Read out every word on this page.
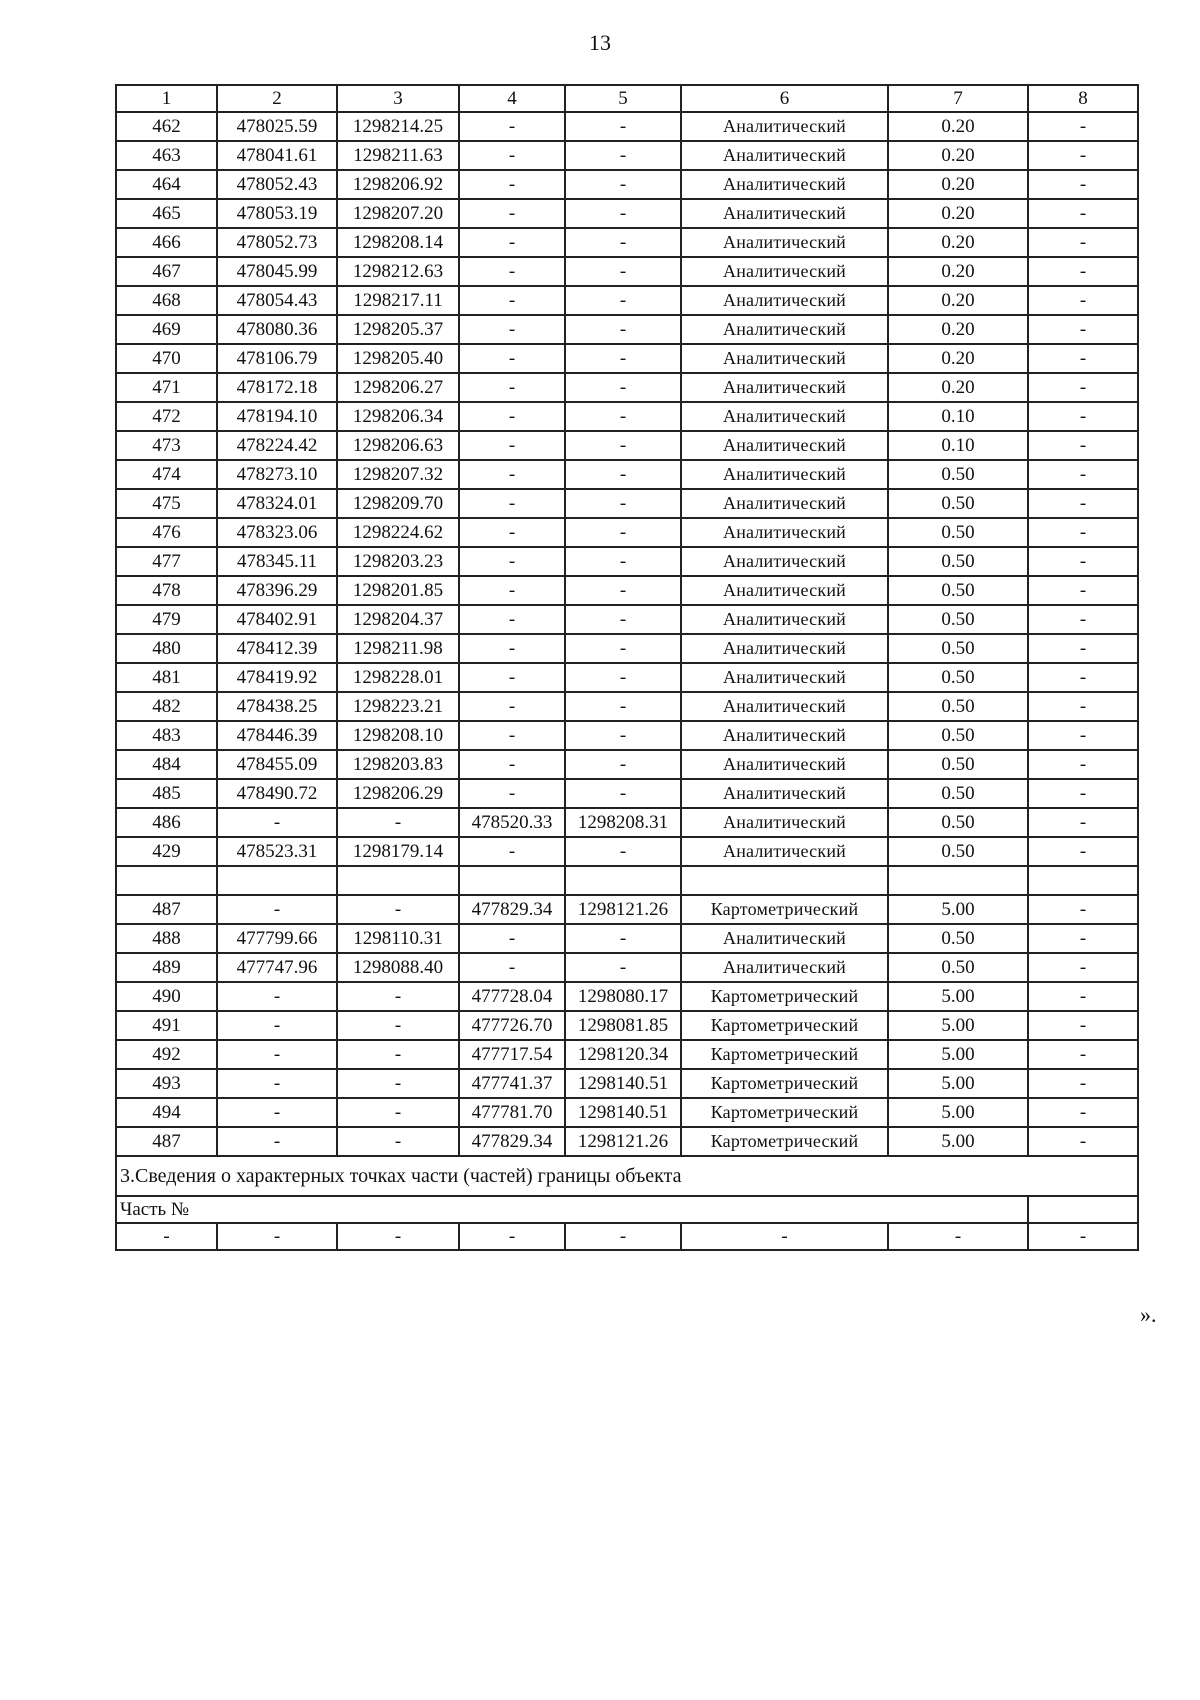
13
1	2	3	4	5	6	7	8
462	478025.59	1298214.25	-	-	Аналитический	0.20	-
463	478041.61	1298211.63	-	-	Аналитический	0.20	-
464	478052.43	1298206.92	-	-	Аналитический	0.20	-
465	478053.19	1298207.20	-	-	Аналитический	0.20	-
466	478052.73	1298208.14	-	-	Аналитический	0.20	-
467	478045.99	1298212.63	-	-	Аналитический	0.20	-
468	478054.43	1298217.11	-	-	Аналитический	0.20	-
469	478080.36	1298205.37	-	-	Аналитический	0.20	-
470	478106.79	1298205.40	-	-	Аналитический	0.20	-
471	478172.18	1298206.27	-	-	Аналитический	0.20	-
472	478194.10	1298206.34	-	-	Аналитический	0.10	-
473	478224.42	1298206.63	-	-	Аналитический	0.10	-
474	478273.10	1298207.32	-	-	Аналитический	0.50	-
475	478324.01	1298209.70	-	-	Аналитический	0.50	-
476	478323.06	1298224.62	-	-	Аналитический	0.50	-
477	478345.11	1298203.23	-	-	Аналитический	0.50	-
478	478396.29	1298201.85	-	-	Аналитический	0.50	-
479	478402.91	1298204.37	-	-	Аналитический	0.50	-
480	478412.39	1298211.98	-	-	Аналитический	0.50	-
481	478419.92	1298228.01	-	-	Аналитический	0.50	-
482	478438.25	1298223.21	-	-	Аналитический	0.50	-
483	478446.39	1298208.10	-	-	Аналитический	0.50	-
484	478455.09	1298203.83	-	-	Аналитический	0.50	-
485	478490.72	1298206.29	-	-	Аналитический	0.50	-
486	-	-	478520.33	1298208.31	Аналитический	0.50	-
429	478523.31	1298179.14	-	-	Аналитический	0.50	-

487	-	-	477829.34	1298121.26	Картометрический	5.00	-
488	477799.66	1298110.31	-	-	Аналитический	0.50	-
489	477747.96	1298088.40	-	-	Аналитический	0.50	-
490	-	-	477728.04	1298080.17	Картометрический	5.00	-
491	-	-	477726.70	1298081.85	Картометрический	5.00	-
492	-	-	477717.54	1298120.34	Картометрический	5.00	-
493	-	-	477741.37	1298140.51	Картометрический	5.00	-
494	-	-	477781.70	1298140.51	Картометрический	5.00	-
487	-	-	477829.34	1298121.26	Картометрический	5.00	-
3.Сведения о характерных точках части (частей) границы объекта							
Часть №							
-	-	-	-	-	-	-	-
».
